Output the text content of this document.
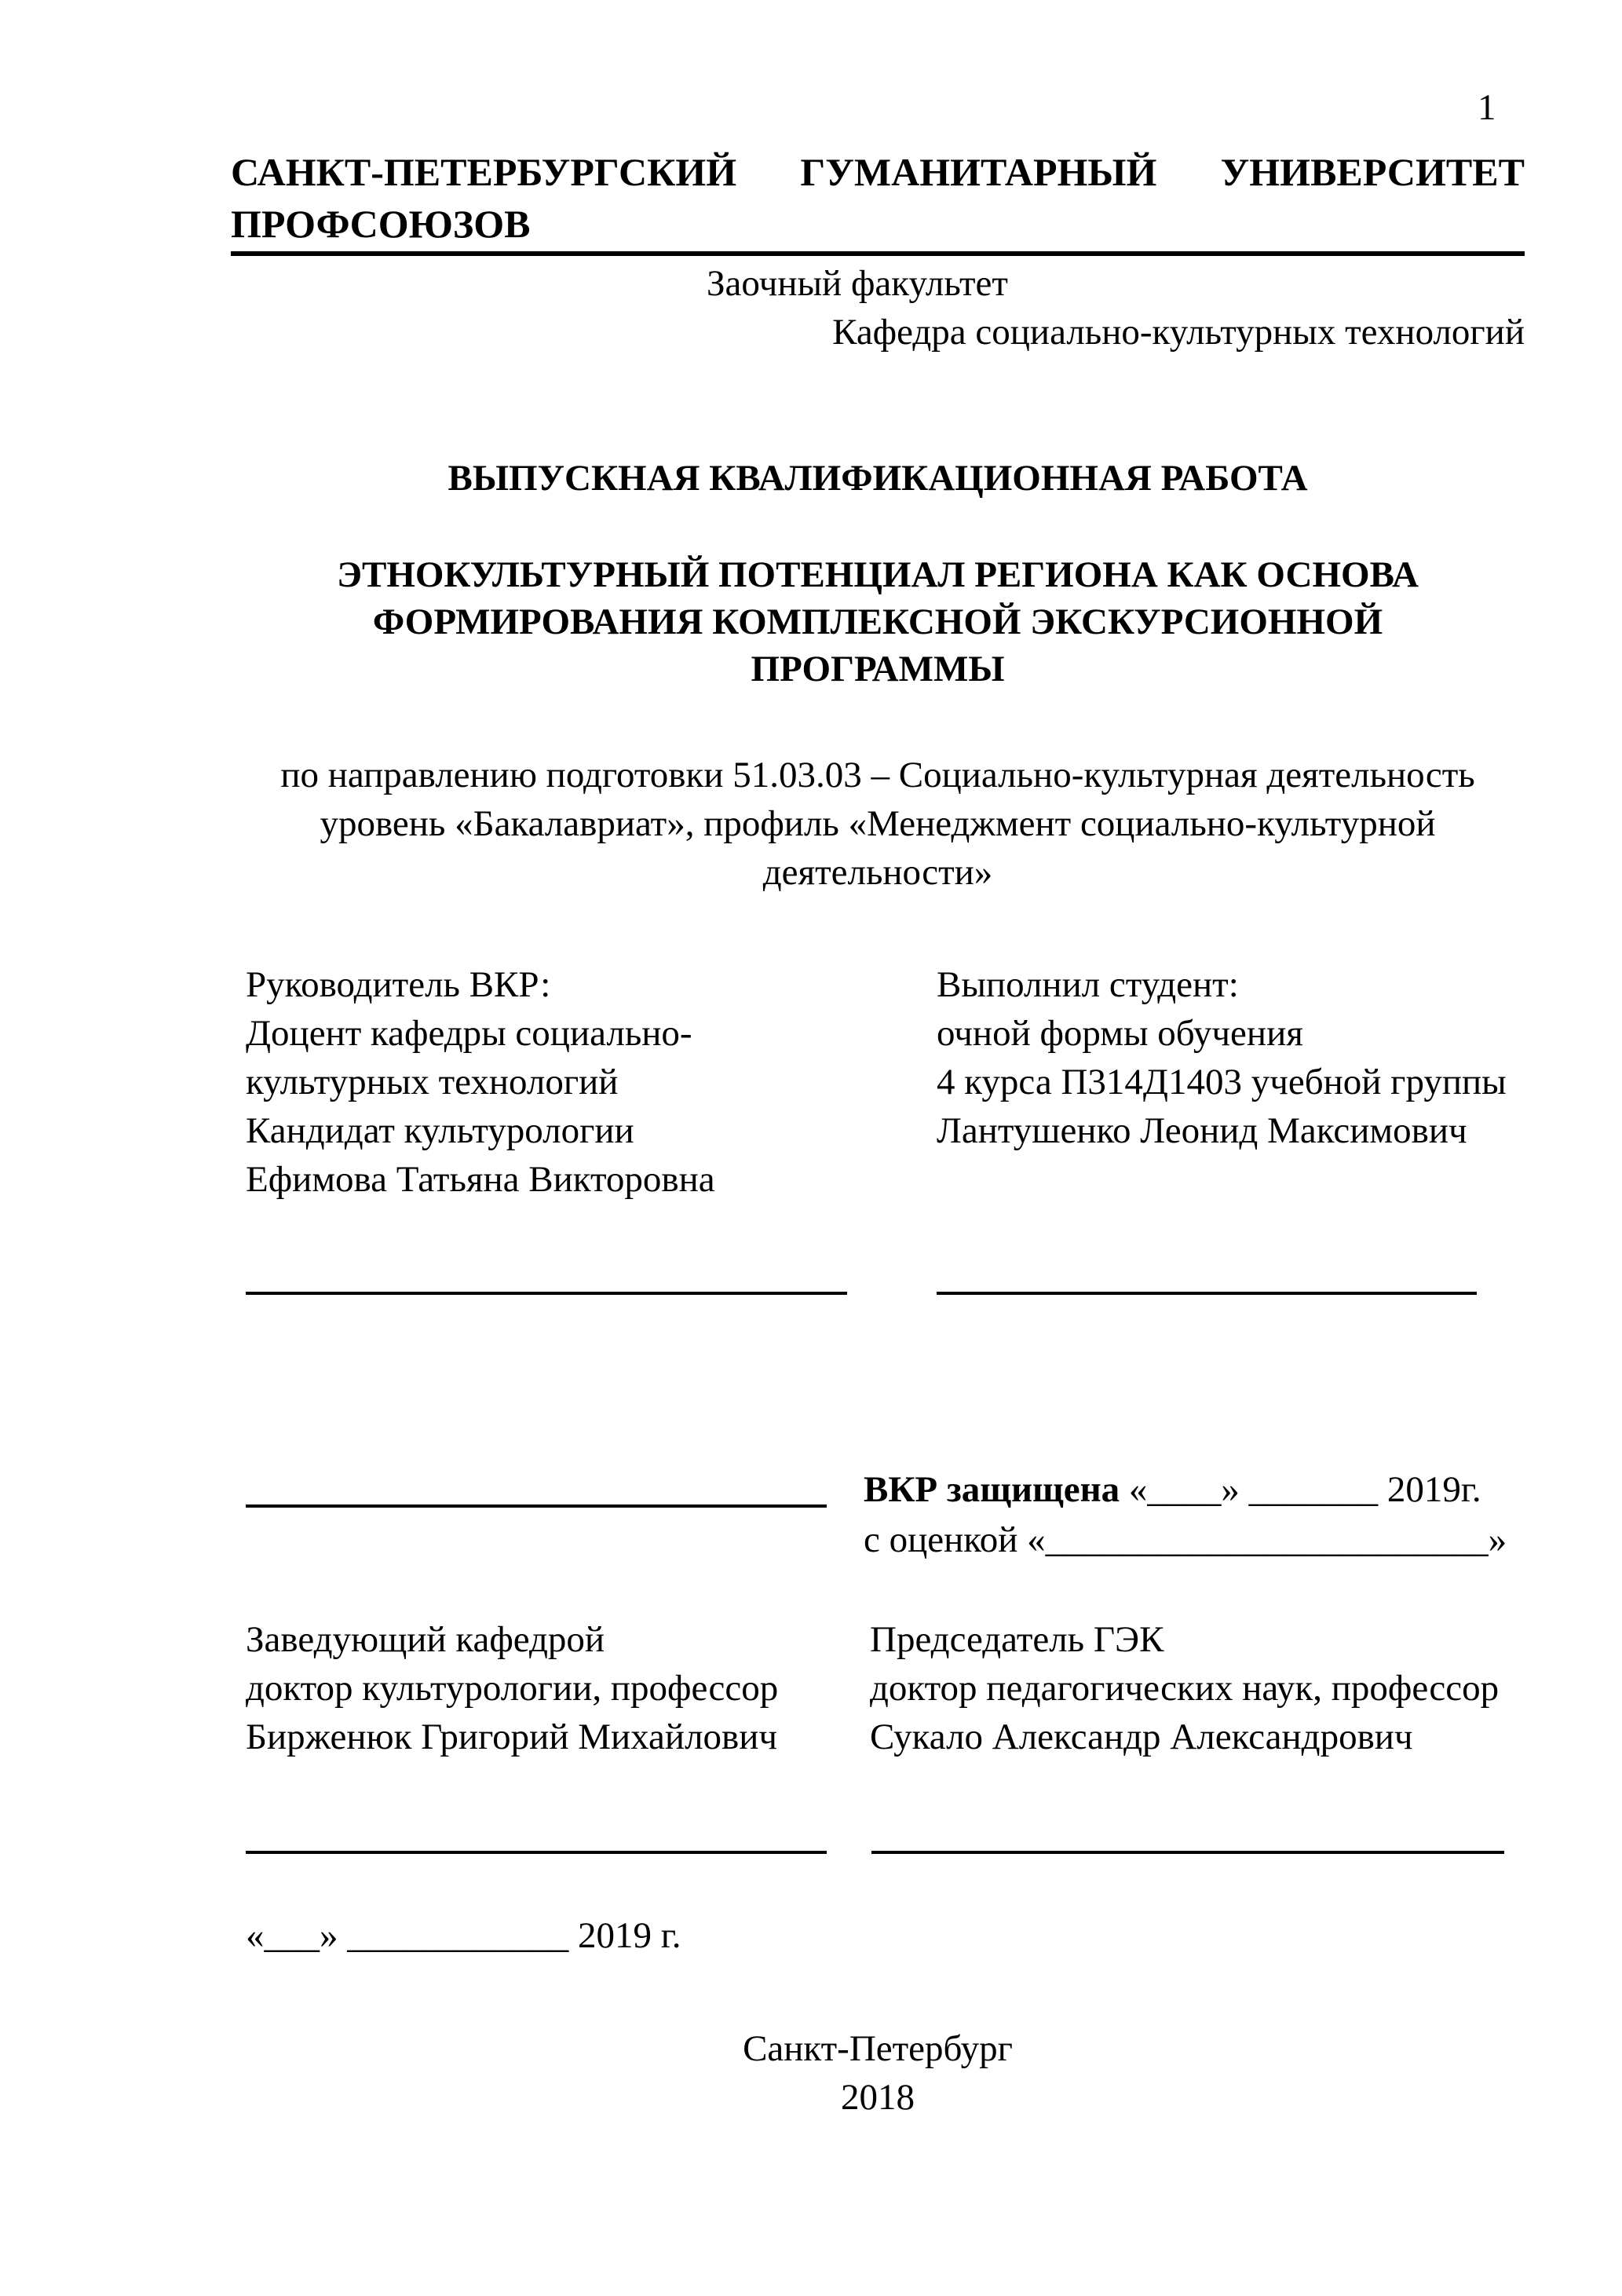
1
САНКТ-ПЕТЕРБУРГСКИЙ ГУМАНИТАРНЫЙ УНИВЕРСИТЕТ
ПРОФСОЮЗОВ
Заочный факультет
Кафедра социально-культурных технологий
ВЫПУСКНАЯ КВАЛИФИКАЦИОННАЯ РАБОТА
ЭТНОКУЛЬТУРНЫЙ ПОТЕНЦИАЛ РЕГИОНА КАК ОСНОВА
ФОРМИРОВАНИЯ КОМПЛЕКСНОЙ ЭКСКУРСИОННОЙ
ПРОГРАММЫ
по направлению подготовки 51.03.03 – Социально-культурная деятельность
уровень «Бакалавриат», профиль «Менеджмент социально-культурной
деятельности»
Руководитель ВКР:
Доцент кафедры социально-
культурных технологий
Кандидат культурологии
Ефимова Татьяна Викторовна
Выполнил студент:
очной формы обучения
4 курса П314Д1403 учебной группы
Лантушенко Леонид Максимович
ВКР защищена «____» _______ 2019г.
с оценкой «________________________»
Заведующий кафедрой
доктор культурологии, профессор
Бирженюк Григорий Михайлович
Председатель ГЭК
доктор педагогических наук, профессор
Сукало Александр Александрович
«___» ____________ 2019 г.
Санкт-Петербург
2018
